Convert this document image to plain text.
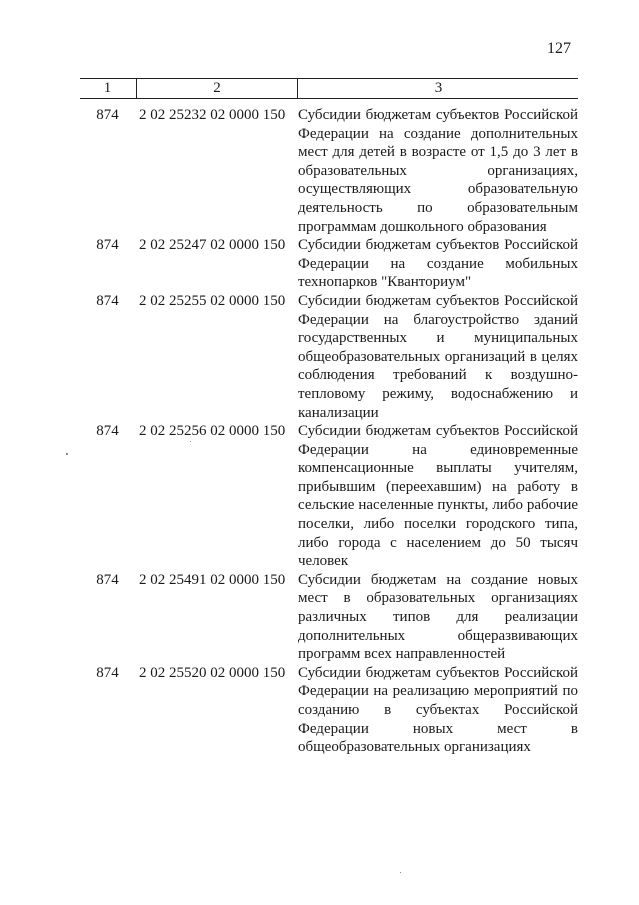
127
1	2	3
874	2 02 25232 02 0000 150 Субсидии бюджетам субъектов Российской Федерации на создание дополнительных мест для детей в возрасте от 1,5 до 3 лет в образовательных организациях, осуществляющих образовательную деятельность по образовательным программам дошкольного образования
874	2 02 25247 02 0000 150 Субсидии бюджетам субъектов Российской Федерации на создание мобильных технопарков "Кванториум"
874	2 02 25255 02 0000 150 Субсидии бюджетам субъектов Российской Федерации на благоустройство зданий государственных и муниципальных общеобразовательных организаций в целях соблюдения требований к воздушно-тепловому режиму, водоснабжению и канализации
874	2 02 25256 02 0000 150 Субсидии бюджетам субъектов Российской Федерации на единовременные компенсационные выплаты учителям, прибывшим (переехавшим) на работу в сельские населенные пункты, либо рабочие поселки, либо поселки городского типа, либо города с населением до 50 тысяч человек
874	2 02 25491 02 0000 150 Субсидии бюджетам на создание новых мест в образовательных организациях различных типов для реализации дополнительных общеразвивающих программ всех направленностей
874	2 02 25520 02 0000 150 Субсидии бюджетам субъектов Российской Федерации на реализацию мероприятий по созданию в субъектах Российской Федерации новых мест в общеобразовательных организациях
